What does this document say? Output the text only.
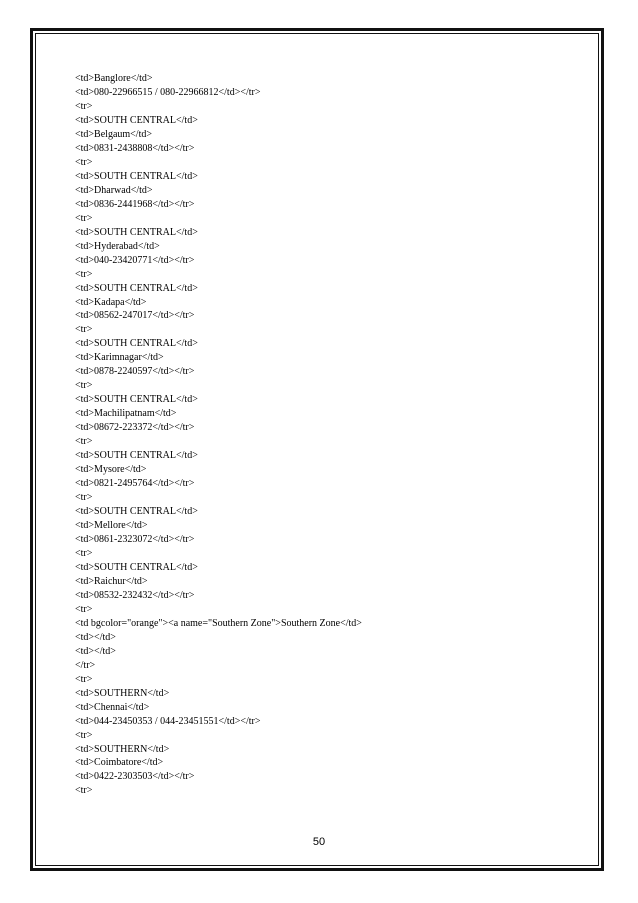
<td>Banglore</td>
<td>080-22966515 / 080-22966812</td></tr>
<tr>
<td>SOUTH CENTRAL</td>
<td>Belgaum</td>
<td>0831-2438808</td></tr>
<tr>
<td>SOUTH CENTRAL</td>
<td>Dharwad</td>
<td>0836-2441968</td></tr>
<tr>
<td>SOUTH CENTRAL</td>
<td>Hyderabad</td>
<td>040-23420771</td></tr>
<tr>
<td>SOUTH CENTRAL</td>
<td>Kadapa</td>
<td>08562-247017</td></tr>
<tr>
<td>SOUTH CENTRAL</td>
<td>Karimnagar</td>
<td>0878-2240597</td></tr>
<tr>
<td>SOUTH CENTRAL</td>
<td>Machilipatnam</td>
<td>08672-223372</td></tr>
<tr>
<td>SOUTH CENTRAL</td>
<td>Mysore</td>
<td>0821-2495764</td></tr>
<tr>
<td>SOUTH CENTRAL</td>
<td>Mellore</td>
<td>0861-2323072</td></tr>
<tr>
<td>SOUTH CENTRAL</td>
<td>Raichur</td>
<td>08532-232432</td></tr>
<tr>
<td bgcolor="orange"><a name="Southern Zone">Southern Zone</td>
<td></td>
<td></td>
</tr>
<tr>
<td>SOUTHERN</td>
<td>Chennai</td>
<td>044-23450353 / 044-23451551</td></tr>
<tr>
<td>SOUTHERN</td>
<td>Coimbatore</td>
<td>0422-2303503</td></tr>
<tr>
50
